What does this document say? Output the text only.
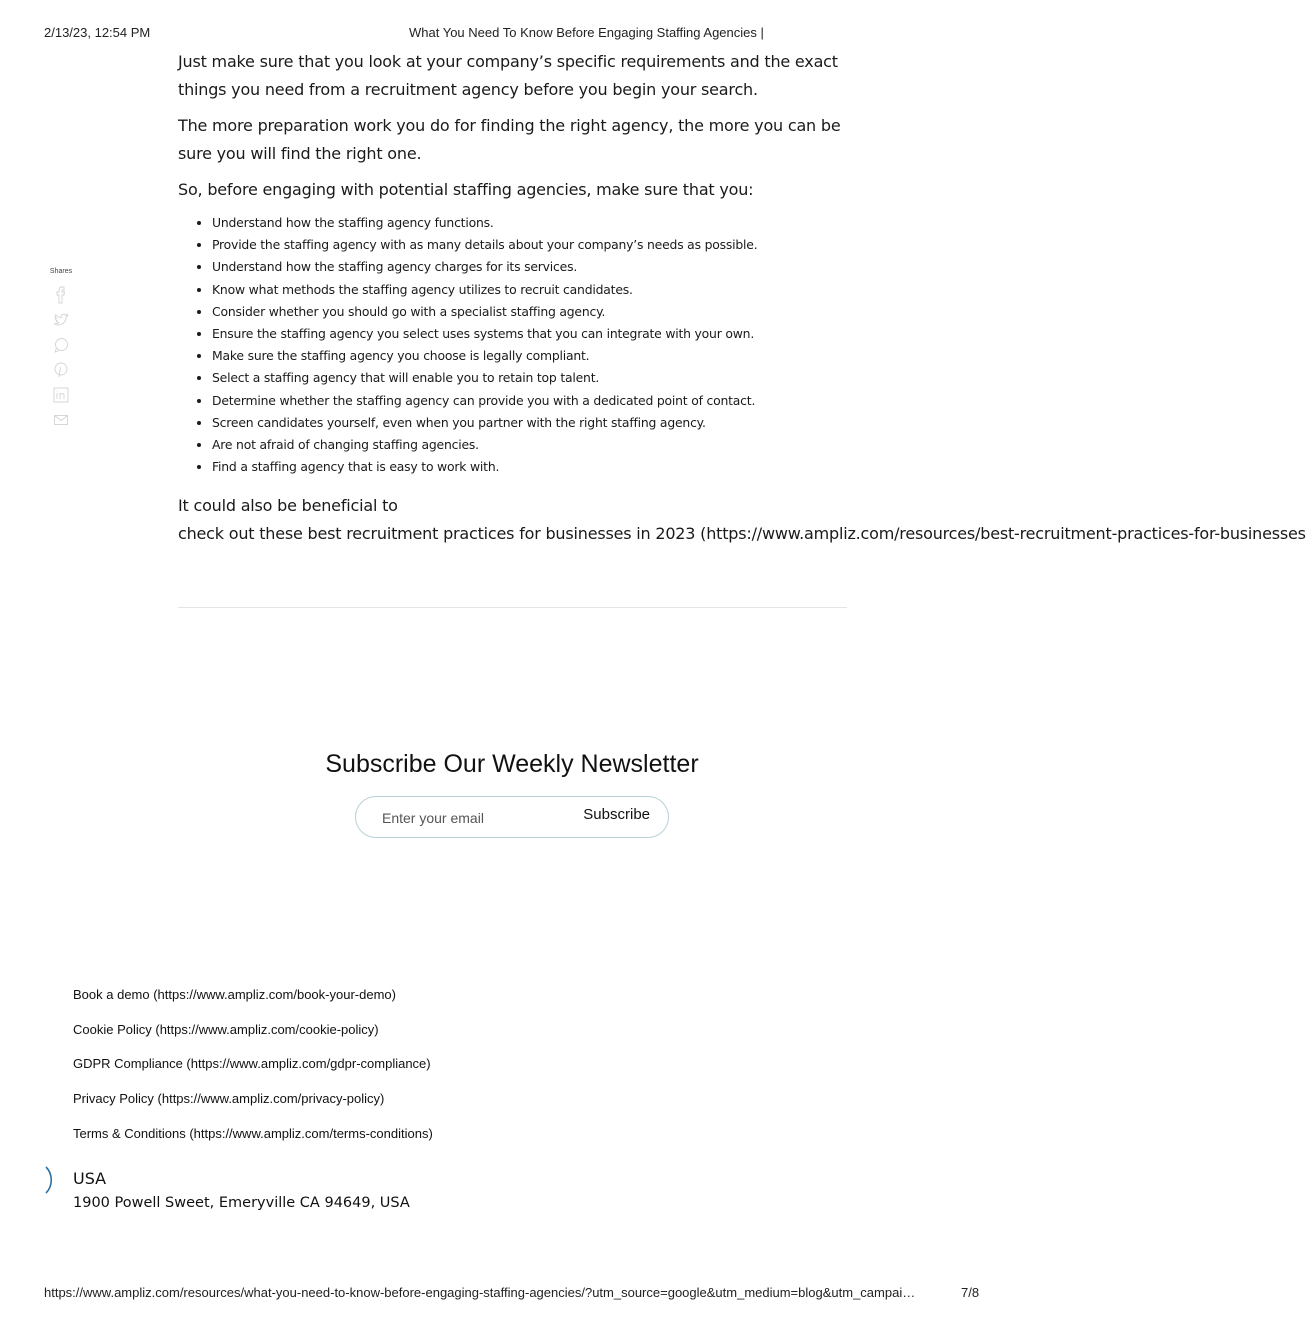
2/13/23, 12:54 PM	What You Need To Know Before Engaging Staffing Agencies |
Shares

Just make sure that you look at your company’s specific requirements and the exact things you need from a recruitment agency before you begin your search.

The more preparation work you do for finding the right agency, the more you can be sure you will find the right one.

So, before engaging with potential staffing agencies, make sure that you:

• Understand how the staffing agency functions.
• Provide the staffing agency with as many details about your company’s needs as possible.
• Understand how the staffing agency charges for its services.
• Know what methods the staffing agency utilizes to recruit candidates.
• Consider whether you should go with a specialist staffing agency.
• Ensure the staffing agency you select uses systems that you can integrate with your own.
• Make sure the staffing agency you choose is legally compliant.
• Select a staffing agency that will enable you to retain top talent.
• Determine whether the staffing agency can provide you with a dedicated point of contact.
• Screen candidates yourself, even when you partner with the right staffing agency.
• Are not afraid of changing staffing agencies.
• Find a staffing agency that is easy to work with.

It could also be beneficial to

check out these best recruitment practices for businesses in 2023 (https://www.ampliz.com/resources/best-recruitment-practices-for-businesses

Subscribe Our Weekly Newsletter
Enter your email
Subscribe
Book a demo (https://www.ampliz.com/book-your-demo)
Cookie Policy (https://www.ampliz.com/cookie-policy)
GDPR Compliance (https://www.ampliz.com/gdpr-compliance)
Privacy Policy (https://www.ampliz.com/privacy-policy)
Terms & Conditions (https://www.ampliz.com/terms-conditions)
USA
1900 Powell Sweet, Emeryville CA 94649, USA
https://www.ampliz.com/resources/what-you-need-to-know-before-engaging-staffing-agencies/?utm_source=google&utm_medium=blog&utm_campai…	7/8
